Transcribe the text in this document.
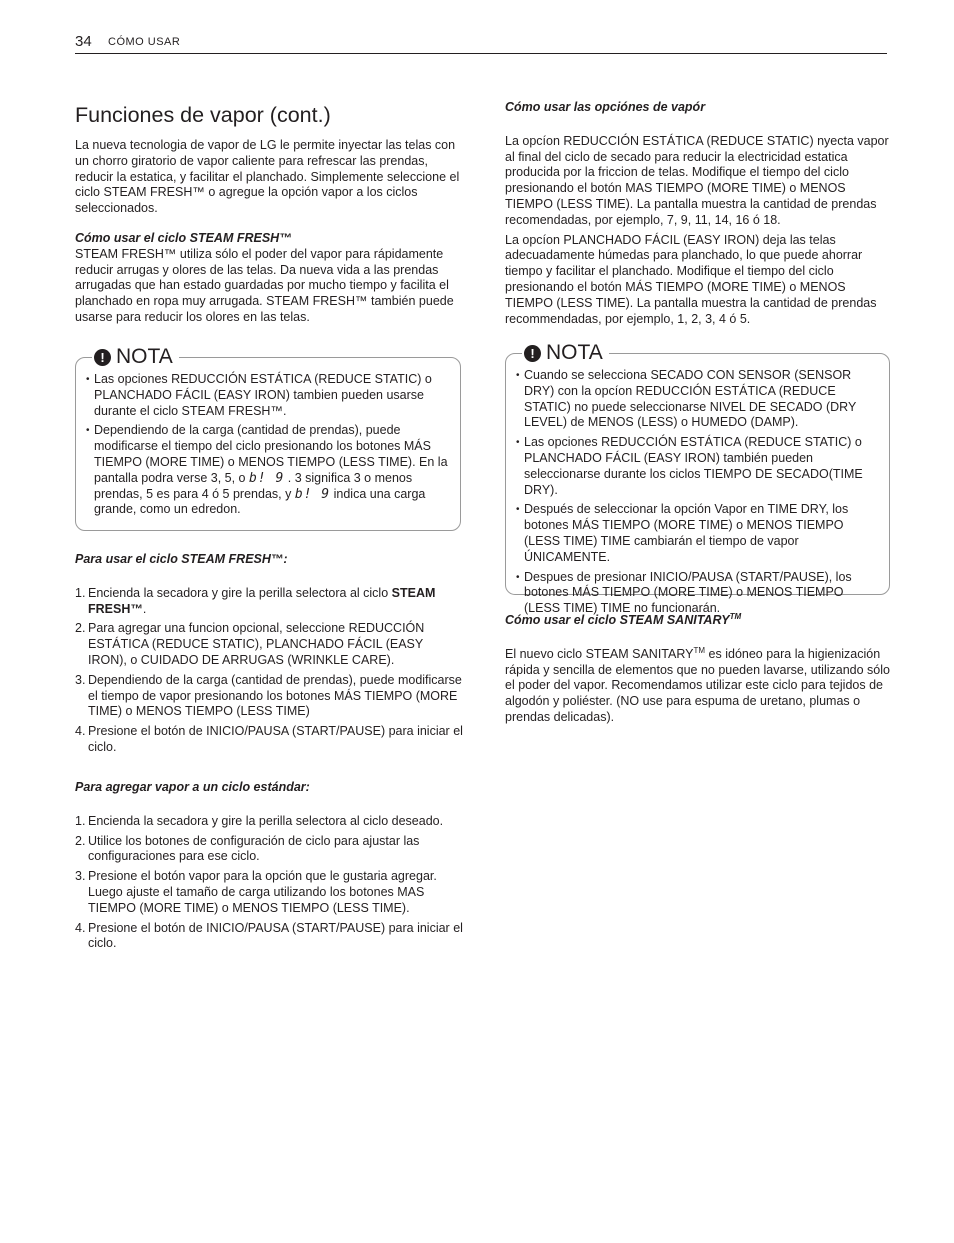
34 CÓMO USAR
Funciones de vapor (cont.)

La nueva tecnologia de vapor de LG le permite inyectar las telas con un chorro giratorio de vapor caliente para refrescar las prendas, reducir la estatica, y facilitar el planchado. Simplemente seleccione el ciclo STEAM FRESH™ o agregue la opción vapor a los ciclos seleccionados.

Cómo usar el ciclo STEAM FRESH™

STEAM FRESH™ utiliza sólo el poder del vapor para rápidamente reducir arrugas y olores de las telas. Da nueva vida a las prendas arrugadas que han estado guardadas por mucho tiempo y facilita el planchado en ropa muy arrugada. STEAM FRESH™ también puede usarse para reducir los olores en las telas.

! NOTA
• Las opciones REDUCCIÓN ESTÁTICA (REDUCE STATIC) o PLANCHADO FÁCIL (EASY IRON) tambien pueden usarse durante el ciclo STEAM FRESH™.
• Dependiendo de la carga (cantidad de prendas), puede modificarse el tiempo del ciclo presionando los botones MÁS TIEMPO (MORE TIME) o MENOS TIEMPO (LESS TIME). En la pantalla podra verse 3, 5, o b! 9 . 3 significa 3 o menos prendas, 5 es para 4 ó 5 prendas, y b! 9 indica una carga grande, como un edredon.

Para usar el ciclo STEAM FRESH™:

1. Encienda la secadora y gire la perilla selectora al ciclo STEAM FRESH™.
2. Para agregar una funcion opcional, seleccione REDUCCIÓN ESTÁTICA (REDUCE STATIC), PLANCHADO FÁCIL (EASY IRON), o CUIDADO DE ARRUGAS (WRINKLE CARE).
3. Dependiendo de la carga (cantidad de prendas), puede modificarse el tiempo de vapor presionando los botones MÁS TIEMPO (MORE TIME) o MENOS TIEMPO (LESS TIME)
4. Presione el botón de INICIO/PAUSA (START/PAUSE) para iniciar el ciclo.

Para agregar vapor a un ciclo estándar:

1. Encienda la secadora y gire la perilla selectora al ciclo deseado.
2. Utilice los botones de configuración de ciclo para ajustar las configuraciones para ese ciclo.
3. Presione el botón vapor para la opción que le gustaria agregar. Luego ajuste el tamaño de carga utilizando los botones MAS TIEMPO (MORE TIME) o MENOS TIEMPO (LESS TIME).
4. Presione el botón de INICIO/PAUSA (START/PAUSE) para iniciar el ciclo.

Cómo usar las opciónes de vapór

La opcíon REDUCCIÓN ESTÁTICA (REDUCE STATIC) nyecta vapor al final del ciclo de secado para reducir la electricidad estatica producida por la friccion de telas. Modifique el tiempo del ciclo presionando el botón MAS TIEMPO (MORE TIME) o MENOS TIEMPO (LESS TIME). La pantalla muestra la cantidad de prendas recomendadas, por ejemplo, 7, 9, 11, 14, 16 ó 18.

La opcíon PLANCHADO FÁCIL (EASY IRON) deja las telas adecuadamente húmedas para planchado, lo que puede ahorrar tiempo y facilitar el planchado. Modifique el tiempo del ciclo presionando el botón MÁS TIEMPO (MORE TIME) o MENOS TIEMPO (LESS TIME). La pantalla muestra la cantidad de prendas recommendadas, por ejemplo, 1, 2, 3, 4 ó 5.

! NOTA
• Cuando se selecciona SECADO CON SENSOR (SENSOR DRY) con la opcíon REDUCCIÓN ESTÁTICA (REDUCE STATIC) no puede seleccionarse NIVEL DE SECADO (DRY LEVEL) de MENOS (LESS) o HUMEDO (DAMP).
• Las opciones REDUCCIÓN ESTÁTICA (REDUCE STATIC) o PLANCHADO FÁCIL (EASY IRON) también pueden seleccionarse durante los ciclos TIEMPO DE SECADO(TIME DRY).
• Después de seleccionar la opción Vapor en TIME DRY, los botones MÁS TIEMPO (MORE TIME) o MENOS TIEMPO (LESS TIME) TIME cambiarán el tiempo de vapor ÚNICAMENTE.
• Despues de presionar INICIO/PAUSA (START/PAUSE), los botones MÁS TIEMPO (MORE TIME) o MENOS TIEMPO (LESS TIME) TIME no funcionarán.

Cómo usar el ciclo STEAM SANITARY™

El nuevo ciclo STEAM SANITARY™ es idóneo para la higienización rápida y sencilla de elementos que no pueden lavarse, utilizando sólo el poder del vapor. Recomendamos utilizar este ciclo para tejidos de algodón y poliéster. (NO use para espuma de uretano, plumas o prendas delicadas).
